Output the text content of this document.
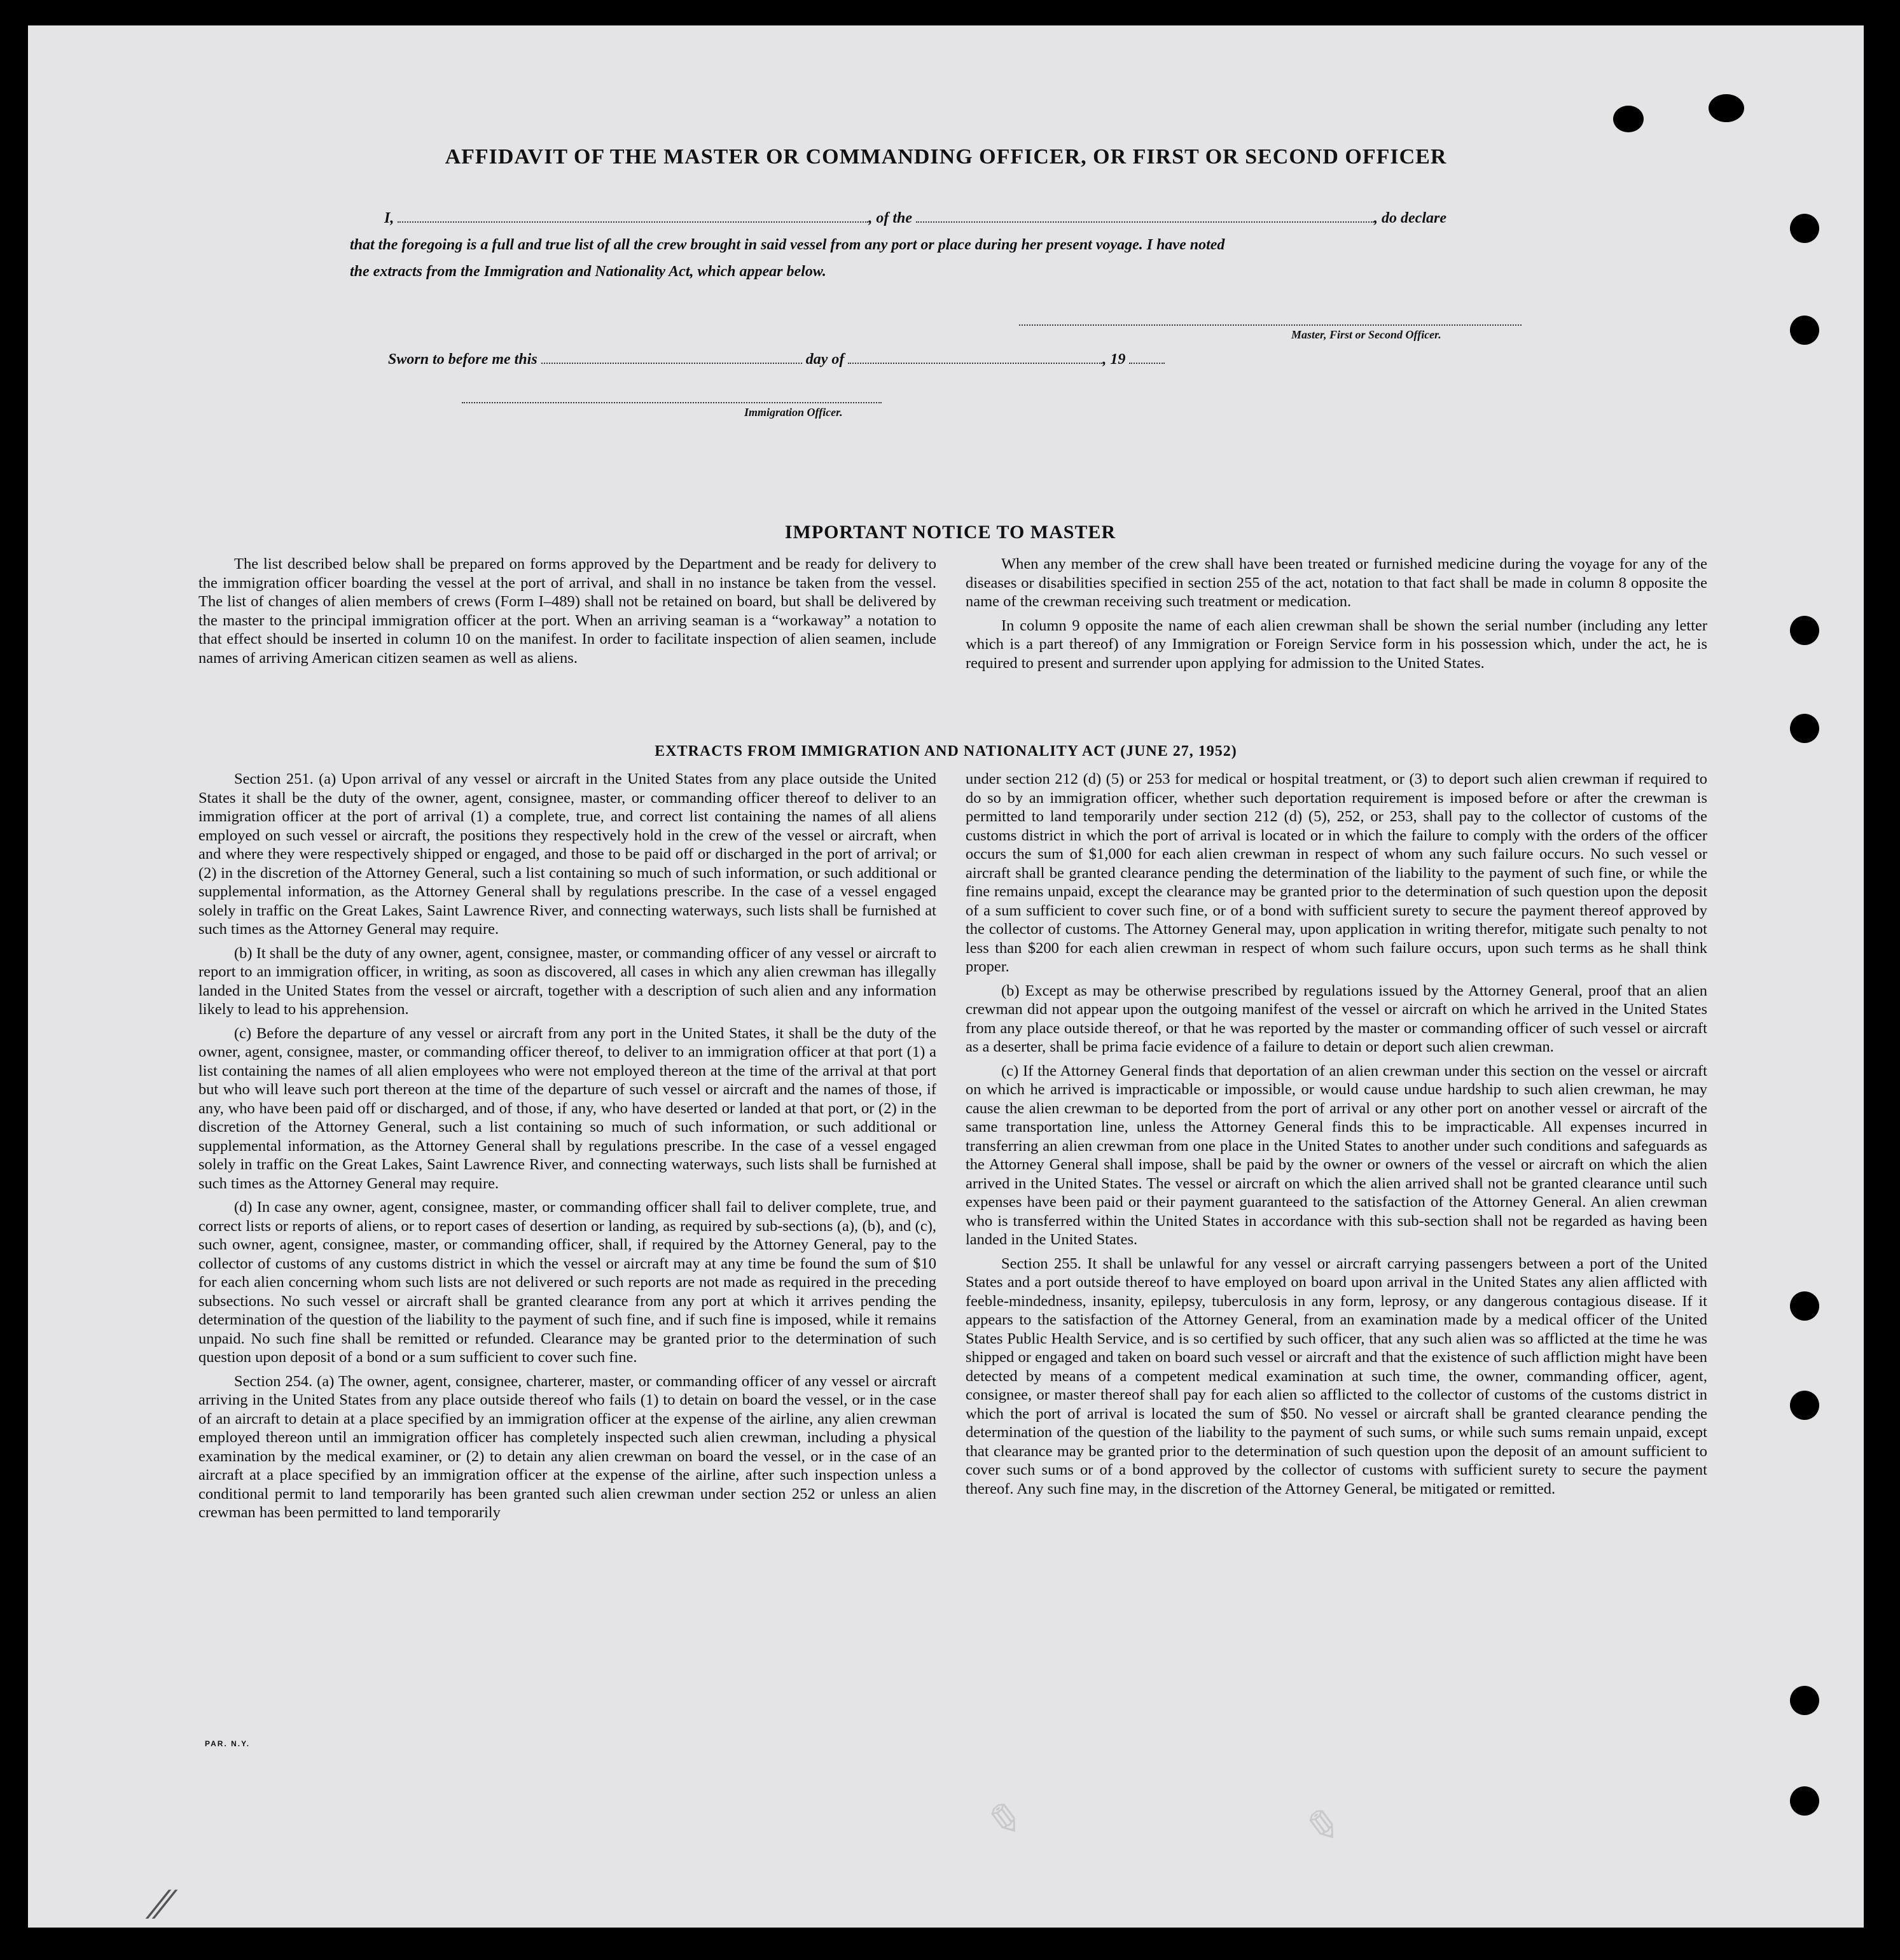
AFFIDAVIT OF THE MASTER OR COMMANDING OFFICER, OR FIRST OR SECOND OFFICER
I,	, of the	, do declare
that the foregoing is a full and true list of all the crew brought in said vessel from any port or place during her present voyage. I have noted
the extracts from the Immigration and Nationality Act, which appear below.
Master, First or Second Officer.
Sworn to before me this	day of	, 19
Immigration Officer.
IMPORTANT NOTICE TO MASTER

The list described below shall be prepared on forms approved by the Department and be ready for delivery to the immigration officer boarding the vessel at the port of arrival, and shall in no instance be taken from the vessel. The list of changes of alien members of crews (Form I–489) shall not be retained on board, but shall be delivered by the master to the principal immigration officer at the port. When an arriving seaman is a “workaway” a notation to that effect should be inserted in column 10 on the manifest. In order to facilitate inspection of alien seamen, include names of arriving American citizen seamen as well as aliens.

When any member of the crew shall have been treated or furnished medicine during the voyage for any of the diseases or disabilities specified in section 255 of the act, notation to that fact shall be made in column 8 opposite the name of the crewman receiving such treatment or medication.

In column 9 opposite the name of each alien crewman shall be shown the serial number (including any letter which is a part thereof) of any Immigration or Foreign Service form in his possession which, under the act, he is required to present and surrender upon applying for admission to the United States.

EXTRACTS FROM IMMIGRATION AND NATIONALITY ACT (JUNE 27, 1952)

Section 251. (a) Upon arrival of any vessel or aircraft in the United States from any place outside the United States it shall be the duty of the owner, agent, consignee, master, or commanding officer thereof to deliver to an immigration officer at the port of arrival (1) a complete, true, and correct list containing the names of all aliens employed on such vessel or aircraft, the positions they respectively hold in the crew of the vessel or aircraft, when and where they were respectively shipped or engaged, and those to be paid off or discharged in the port of arrival; or (2) in the discretion of the Attorney General, such a list containing so much of such information, or such additional or supplemental information, as the Attorney General shall by regulations prescribe. In the case of a vessel engaged solely in traffic on the Great Lakes, Saint Lawrence River, and connecting waterways, such lists shall be furnished at such times as the Attorney General may require.

(b) It shall be the duty of any owner, agent, consignee, master, or commanding officer of any vessel or aircraft to report to an immigration officer, in writing, as soon as discovered, all cases in which any alien crewman has illegally landed in the United States from the vessel or aircraft, together with a description of such alien and any information likely to lead to his apprehension.

(c) Before the departure of any vessel or aircraft from any port in the United States, it shall be the duty of the owner, agent, consignee, master, or commanding officer thereof, to deliver to an immigration officer at that port (1) a list containing the names of all alien employees who were not employed thereon at the time of the arrival at that port but who will leave such port thereon at the time of the departure of such vessel or aircraft and the names of those, if any, who have been paid off or discharged, and of those, if any, who have deserted or landed at that port, or (2) in the discretion of the Attorney General, such a list containing so much of such information, or such additional or supplemental information, as the Attorney General shall by regulations prescribe. In the case of a vessel engaged solely in traffic on the Great Lakes, Saint Lawrence River, and connecting waterways, such lists shall be furnished at such times as the Attorney General may require.

(d) In case any owner, agent, consignee, master, or commanding officer shall fail to deliver complete, true, and correct lists or reports of aliens, or to report cases of desertion or landing, as required by sub-sections (a), (b), and (c), such owner, agent, consignee, master, or commanding officer, shall, if required by the Attorney General, pay to the collector of customs of any customs district in which the vessel or aircraft may at any time be found the sum of $10 for each alien concerning whom such lists are not delivered or such reports are not made as required in the preceding subsections. No such vessel or aircraft shall be granted clearance from any port at which it arrives pending the determination of the question of the liability to the payment of such fine, and if such fine is imposed, while it remains unpaid. No such fine shall be remitted or refunded. Clearance may be granted prior to the determination of such question upon deposit of a bond or a sum sufficient to cover such fine.

Section 254. (a) The owner, agent, consignee, charterer, master, or commanding officer of any vessel or aircraft arriving in the United States from any place outside thereof who fails (1) to detain on board the vessel, or in the case of an aircraft to detain at a place specified by an immigration officer at the expense of the airline, any alien crewman employed thereon until an immigration officer has completely inspected such alien crewman, including a physical examination by the medical examiner, or (2) to detain any alien crewman on board the vessel, or in the case of an aircraft at a place specified by an immigration officer at the expense of the airline, after such inspection unless a conditional permit to land temporarily has been granted such alien crewman under section 252 or unless an alien crewman has been permitted to land temporarily

under section 212 (d) (5) or 253 for medical or hospital treatment, or (3) to deport such alien crewman if required to do so by an immigration officer, whether such deportation requirement is imposed before or after the crewman is permitted to land temporarily under section 212 (d) (5), 252, or 253, shall pay to the collector of customs of the customs district in which the port of arrival is located or in which the failure to comply with the orders of the officer occurs the sum of $1,000 for each alien crewman in respect of whom any such failure occurs. No such vessel or aircraft shall be granted clearance pending the determination of the liability to the payment of such fine, or while the fine remains unpaid, except the clearance may be granted prior to the determination of such question upon the deposit of a sum sufficient to cover such fine, or of a bond with sufficient surety to secure the payment thereof approved by the collector of customs. The Attorney General may, upon application in writing therefor, mitigate such penalty to not less than $200 for each alien crewman in respect of whom such failure occurs, upon such terms as he shall think proper.

(b) Except as may be otherwise prescribed by regulations issued by the Attorney General, proof that an alien crewman did not appear upon the outgoing manifest of the vessel or aircraft on which he arrived in the United States from any place outside thereof, or that he was reported by the master or commanding officer of such vessel or aircraft as a deserter, shall be prima facie evidence of a failure to detain or deport such alien crewman.

(c) If the Attorney General finds that deportation of an alien crewman under this section on the vessel or aircraft on which he arrived is impracticable or impossible, or would cause undue hardship to such alien crewman, he may cause the alien crewman to be deported from the port of arrival or any other port on another vessel or aircraft of the same transportation line, unless the Attorney General finds this to be impracticable. All expenses incurred in transferring an alien crewman from one place in the United States to another under such conditions and safeguards as the Attorney General shall impose, shall be paid by the owner or owners of the vessel or aircraft on which the alien arrived in the United States. The vessel or aircraft on which the alien arrived shall not be granted clearance until such expenses have been paid or their payment guaranteed to the satisfaction of the Attorney General. An alien crewman who is transferred within the United States in accordance with this sub-section shall not be regarded as having been landed in the United States.

Section 255. It shall be unlawful for any vessel or aircraft carrying passengers between a port of the United States and a port outside thereof to have employed on board upon arrival in the United States any alien afflicted with feeble-mindedness, insanity, epilepsy, tuberculosis in any form, leprosy, or any dangerous contagious disease. If it appears to the satisfaction of the Attorney General, from an examination made by a medical officer of the United States Public Health Service, and is so certified by such officer, that any such alien was so afflicted at the time he was shipped or engaged and taken on board such vessel or aircraft and that the existence of such affliction might have been detected by means of a competent medical examination at such time, the owner, commanding officer, agent, consignee, or master thereof shall pay for each alien so afflicted to the collector of customs of the customs district in which the port of arrival is located the sum of $50. No vessel or aircraft shall be granted clearance pending the determination of the question of the liability to the payment of such sums, or while such sums remain unpaid, except that clearance may be granted prior to the determination of such question upon the deposit of an amount sufficient to cover such sums or of a bond approved by the collector of customs with sufficient surety to secure the payment thereof. Any such fine may, in the discretion of the Attorney General, be mitigated or remitted.

PAR. N.Y.
✎	✎
⁄⁄
